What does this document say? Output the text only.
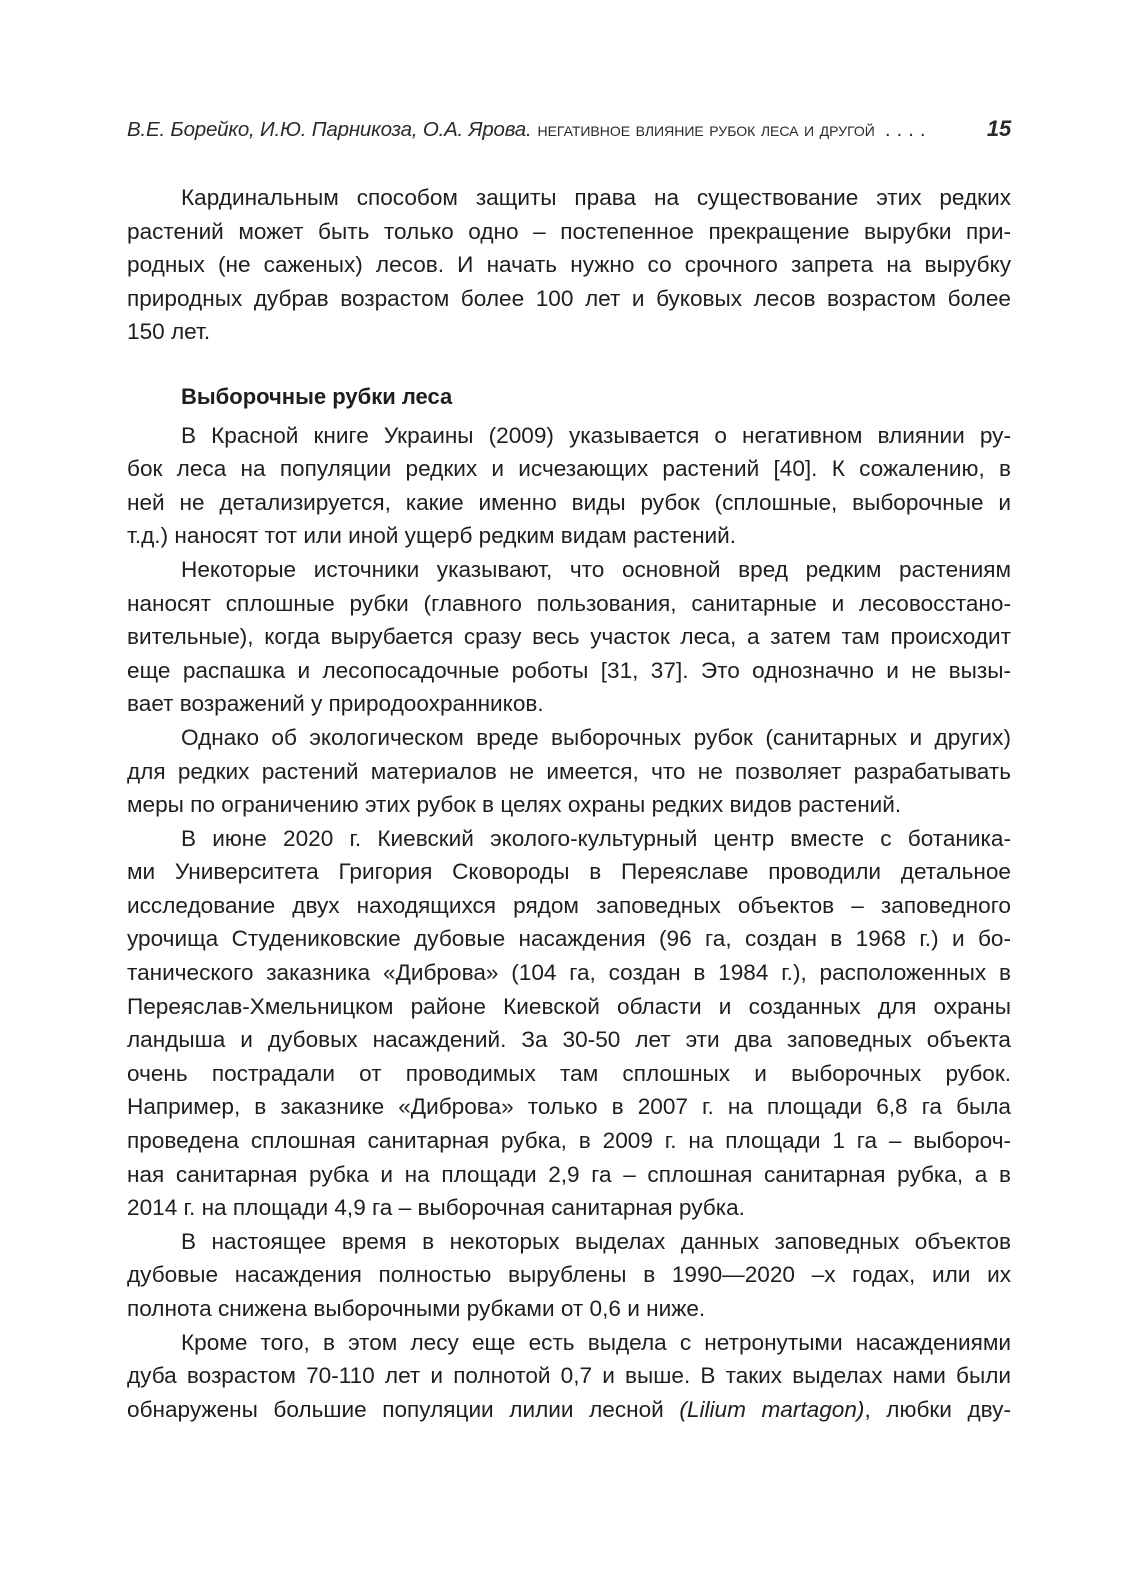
В.Е. Борейко, И.Ю. Парникоза, О.А. Ярова. негативное влияние рубок леса и другой ....	15
Кардинальным способом защиты права на существование этих редких
растений может быть только одно – постепенное прекращение вырубки при-
родных (не саженых) лесов. И начать нужно со срочного запрета на вырубку
природных дубрав возрастом более 100 лет и буковых лесов возрастом более
150 лет.
Выборочные рубки леса
В Красной книге Украины (2009) указывается о негативном влиянии ру-
бок леса на популяции редких и исчезающих растений [40]. К сожалению, в
ней не детализируется, какие именно виды рубок (сплошные, выборочные и
т.д.) наносят тот или иной ущерб редким видам растений.
Некоторые источники указывают, что основной вред редким растениям
наносят сплошные рубки (главного пользования, санитарные и лесовосстано-
вительные), когда вырубается сразу весь участок леса, а затем там происходит
еще распашка и лесопосадочные роботы [31, 37]. Это однозначно и не вызы-
вает возражений у природоохранников.
Однако об экологическом вреде выборочных рубок (санитарных и других)
для редких растений материалов не имеется, что не позволяет разрабатывать
меры по ограничению этих рубок в целях охраны редких видов растений.
В июне 2020 г. Киевский эколого-культурный центр вместе с ботаника-
ми Университета Григория Сковороды в Переяславе проводили детальное
исследование двух находящихся рядом заповедных объектов – заповедного
урочища Студениковские дубовые насаждения (96 га, создан в 1968 г.) и бо-
танического заказника «Диброва» (104 га, создан в 1984 г.), расположенных в
Переяслав-Хмельницком районе Киевской области и созданных для охраны
ландыша и дубовых насаждений. За 30-50 лет эти два заповедных объекта
очень пострадали от проводимых там сплошных и выборочных рубок.
Например, в заказнике «Диброва» только в 2007 г. на площади 6,8 га была
проведена сплошная санитарная рубка, в 2009 г. на площади 1 га – выбороч-
ная санитарная рубка и на площади 2,9 га – сплошная санитарная рубка, а в
2014 г. на площади 4,9 га – выборочная санитарная рубка.
В настоящее время в некоторых выделах данных заповедных объектов
дубовые насаждения полностью вырублены в 1990—2020 –х годах, или их
полнота снижена выборочными рубками от 0,6 и ниже.
Кроме того, в этом лесу еще есть выдела с нетронутыми насаждениями
дуба возрастом 70-110 лет и полнотой 0,7 и выше. В таких выделах нами были
обнаружены большие популяции лилии лесной (Lilium martagon), любки дву-
